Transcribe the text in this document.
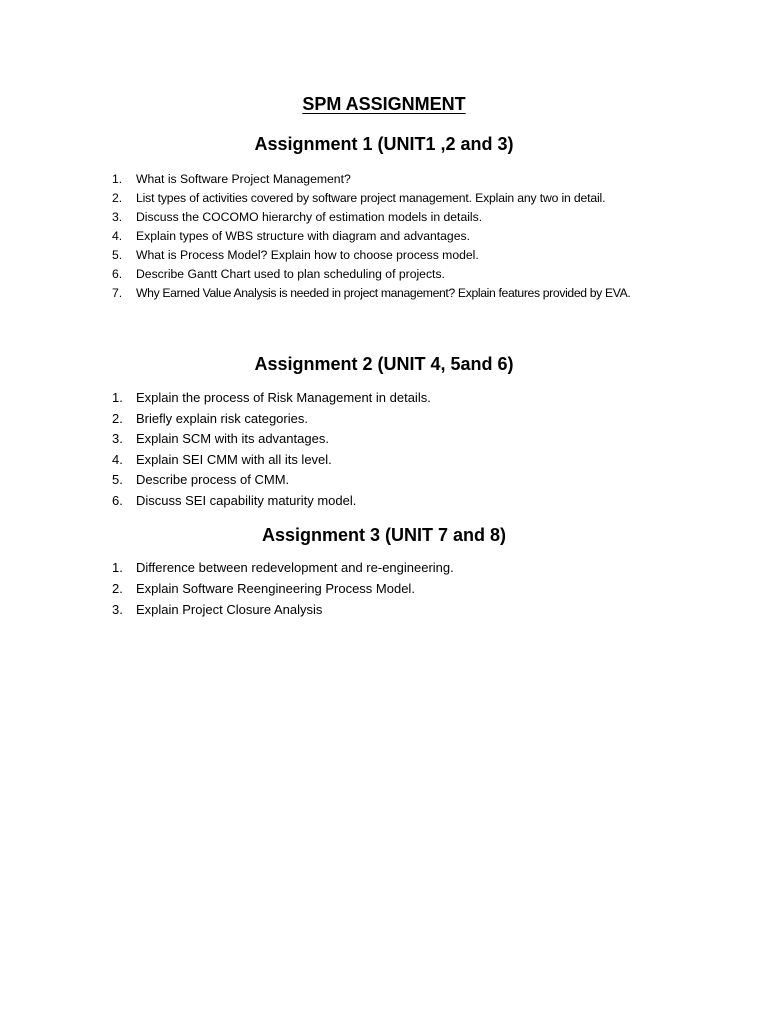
SPM ASSIGNMENT
Assignment 1 (UNIT1 ,2 and 3)
1.	What is Software Project Management?
2.	List types of activities covered by software project management. Explain any two in detail.
3.	Discuss the COCOMO hierarchy of estimation models in details.
4.	Explain types of WBS structure with diagram and advantages.
5.	What is Process Model? Explain how to choose process model.
6.	Describe Gantt Chart used to plan scheduling of projects.
7.	Why Earned Value Analysis is needed in project management? Explain features provided by EVA.
Assignment 2 (UNIT 4, 5and 6)
1.	Explain the process of Risk Management in details.
2.	Briefly explain risk categories.
3.	Explain SCM with its advantages.
4.	Explain SEI CMM with all its level.
5.	Describe process of CMM.
6.	Discuss SEI capability maturity model.
Assignment 3 (UNIT 7 and 8)
1.	Difference between redevelopment and re-engineering.
2.	Explain Software Reengineering Process Model.
3.	Explain Project Closure Analysis
